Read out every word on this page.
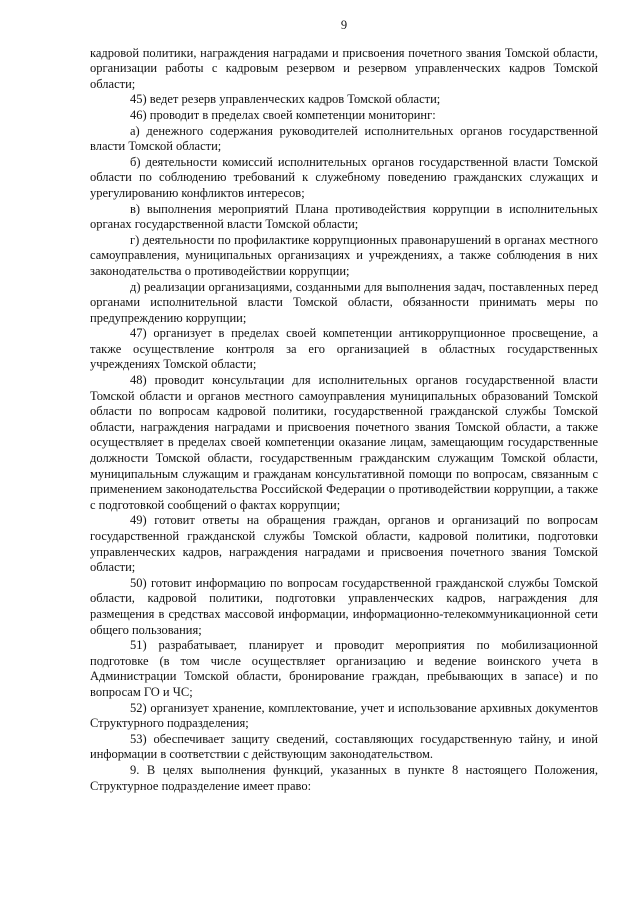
9

кадровой политики, награждения наградами и присвоения почетного звания Томской области, организации работы с кадровым резервом и резервом управленческих кадров Томской области;

45) ведет резерв управленческих кадров Томской области;

46) проводит в пределах своей компетенции мониторинг:

а) денежного содержания руководителей исполнительных органов государственной власти Томской области;

б) деятельности комиссий исполнительных органов государственной власти Томской области по соблюдению требований к служебному поведению гражданских служащих и урегулированию конфликтов интересов;

в) выполнения мероприятий Плана противодействия коррупции в исполнительных органах государственной власти Томской области;

г) деятельности по профилактике коррупционных правонарушений в органах местного самоуправления, муниципальных организациях и учреждениях, а также соблюдения в них законодательства о противодействии коррупции;

д) реализации организациями, созданными для выполнения задач, поставленных перед органами исполнительной власти Томской области, обязанности принимать меры по предупреждению коррупции;

47) организует в пределах своей компетенции антикоррупционное просвещение, а также осуществление контроля за его организацией в областных государственных учреждениях Томской области;

48) проводит консультации для исполнительных органов государственной власти Томской области и органов местного самоуправления муниципальных образований Томской области по вопросам кадровой политики, государственной гражданской службы Томской области, награждения наградами и присвоения почетного звания Томской области, а также осуществляет в пределах своей компетенции оказание лицам, замещающим государственные должности Томской области, государственным гражданским служащим Томской области, муниципальным служащим и гражданам консультативной помощи по вопросам, связанным с применением законодательства Российской Федерации о противодействии коррупции, а также с подготовкой сообщений о фактах коррупции;

49) готовит ответы на обращения граждан, органов и организаций по вопросам государственной гражданской службы Томской области, кадровой политики, подготовки управленческих кадров, награждения наградами и присвоения почетного звания Томской области;

50) готовит информацию по вопросам государственной гражданской службы Томской области, кадровой политики, подготовки управленческих кадров, награждения для размещения в средствах массовой информации, информационно-телекоммуникационной сети общего пользования;

51) разрабатывает, планирует и проводит мероприятия по мобилизационной подготовке (в том числе осуществляет организацию и ведение воинского учета в Администрации Томской области, бронирование граждан, пребывающих в запасе) и по вопросам ГО и ЧС;

52) организует хранение, комплектование, учет и использование архивных документов Структурного подразделения;

53) обеспечивает защиту сведений, составляющих государственную тайну, и иной информации в соответствии с действующим законодательством.

9. В целях выполнения функций, указанных в пункте 8 настоящего Положения, Структурное подразделение имеет право:
